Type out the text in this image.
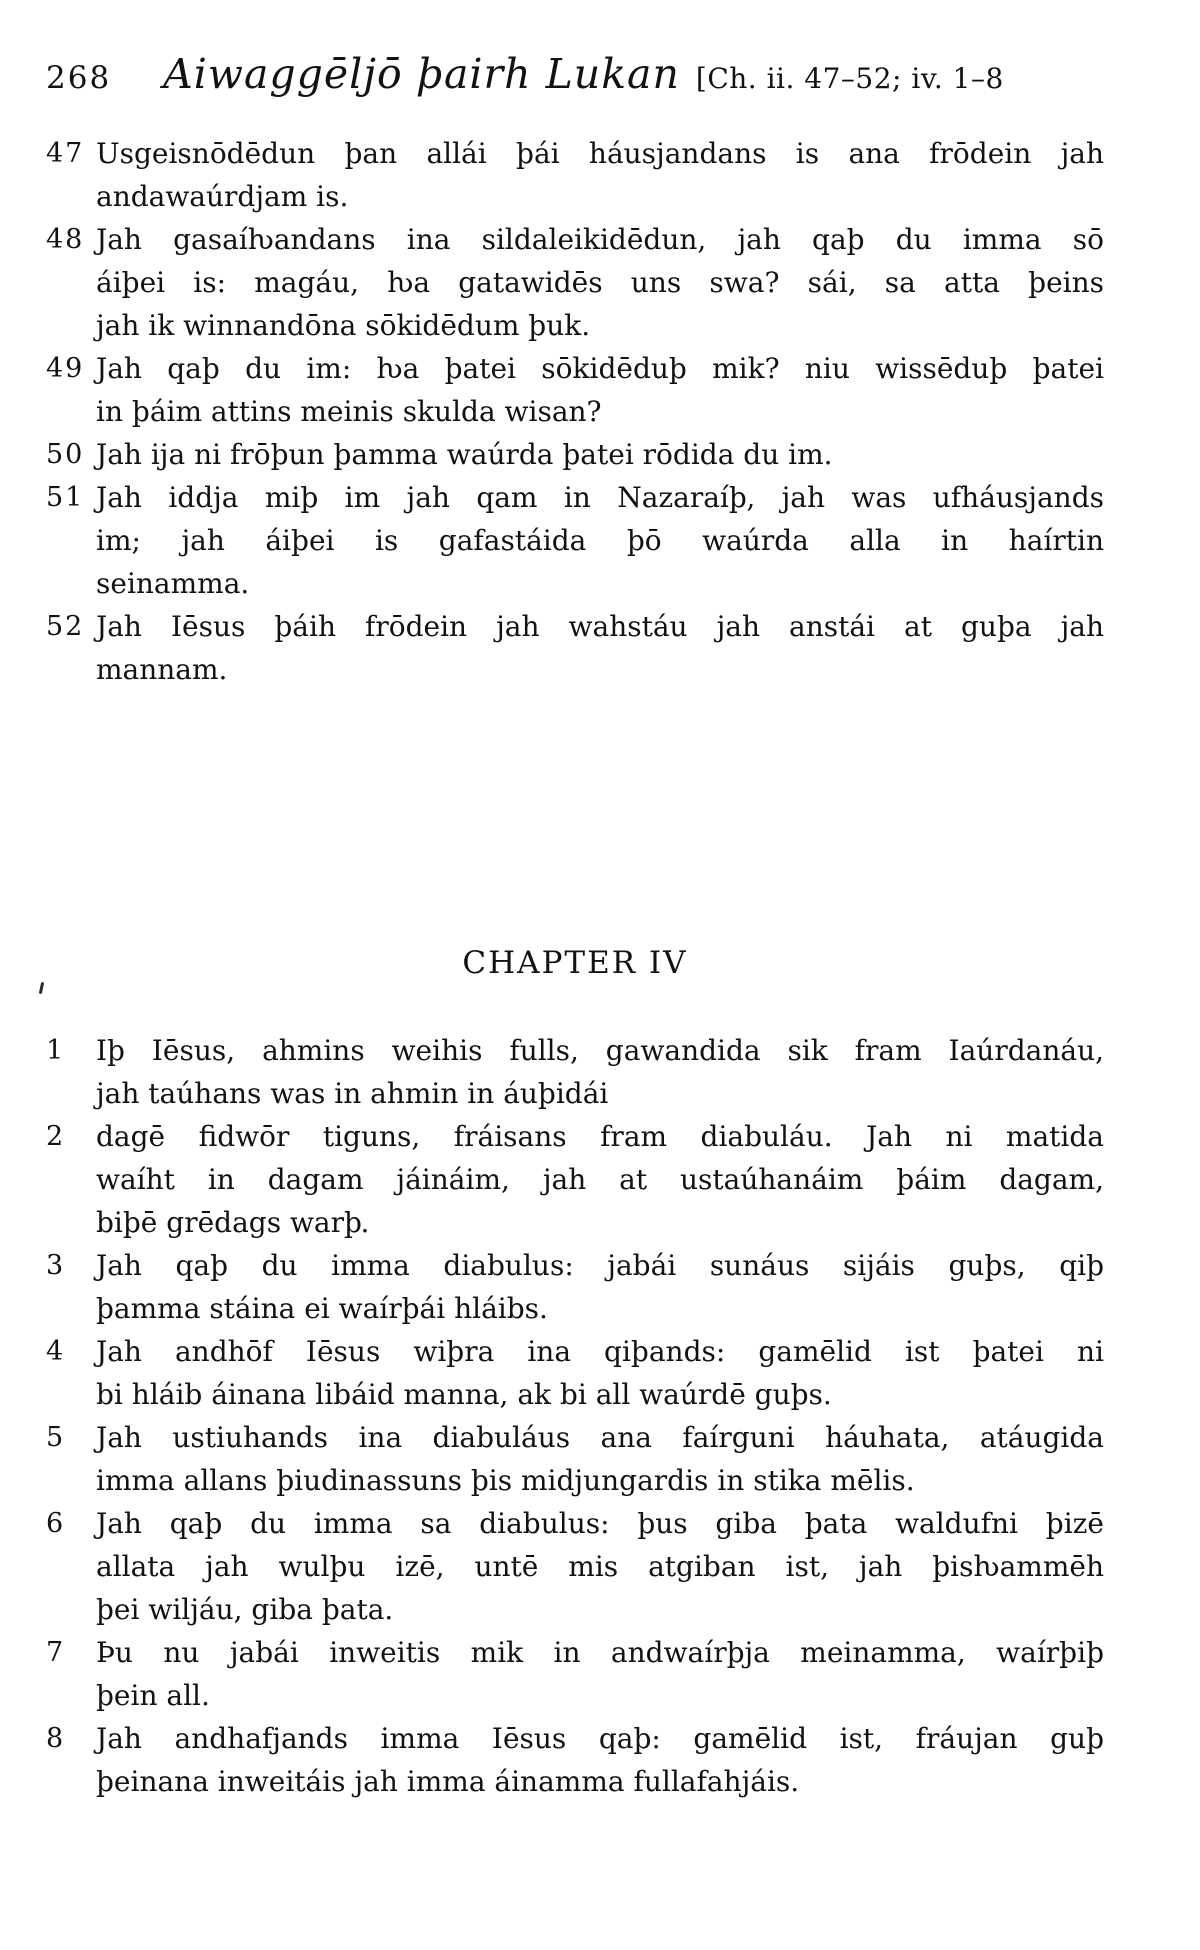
268 Aiwaggēljō þairh Lukan [Ch. ii. 47–52; iv. 1–8
47 Usgeisnōdēdun þan allái þái háusjandans is ana frōdein jah
andawaúrdjam is.
48 Jah gasaíƕandans ina sildaleikidēdun, jah qaþ du imma sō
áiþei is: magáu, ƕa gatawidēs uns swa? sái, sa atta þeins
jah ik winnandōna sōkidēdum þuk.
49 Jah qaþ du im: ƕa þatei sōkidēduþ mik? niu wissēduþ þatei
in þáim attins meinis skulda wisan?
50 Jah ija ni frōþun þamma waúrda þatei rōdida du im.
51 Jah iddja miþ im jah qam in Nazaraíþ, jah was ufháusjands
im; jah áiþei is gafastáida þō waúrda alla in haírtin
seinamma.
52 Jah Iēsus þáih frōdein jah wahstáu jah anstái at guþa jah
mannam.
CHAPTER IV
1	Iþ Iēsus, ahmins weihis fulls, gawandida sik fram Iaúrdanáu,
jah taúhans was in ahmin in áuþidái
2	dagē fidwōr tiguns, fráisans fram diabuláu. Jah ni matida
waíht in dagam jáináim, jah at ustaúhanáim þáim dagam,
biþē grēdags warþ.
3	Jah qaþ du imma diabulus: jabái sunáus sijáis guþs, qiþ
þamma stáina ei waírþái hláibs.
4	Jah andhōf Iēsus wiþra ina qiþands: gamēlid ist þatei ni
bi hláib áinana libáid manna, ak bi all waúrdē guþs.
5	Jah ustiuhands ina diabuláus ana faírguni háuhata, atáugida
imma allans þiudinassuns þis midjungardis in stika mēlis.
6	Jah qaþ du imma sa diabulus: þus giba þata waldufni þizē
allata jah wulþu izē, untē mis atgiban ist, jah þisƕammēh
þei wiljáu, giba þata.
7	Þu nu jabái inweitis mik in andwaírþja meinamma, waírþiþ
þein all.
8	Jah andhafjands imma Iēsus qaþ: gamēlid ist, fráujan guþ
þeinana inweitáis jah imma áinamma fullafahjáis.
